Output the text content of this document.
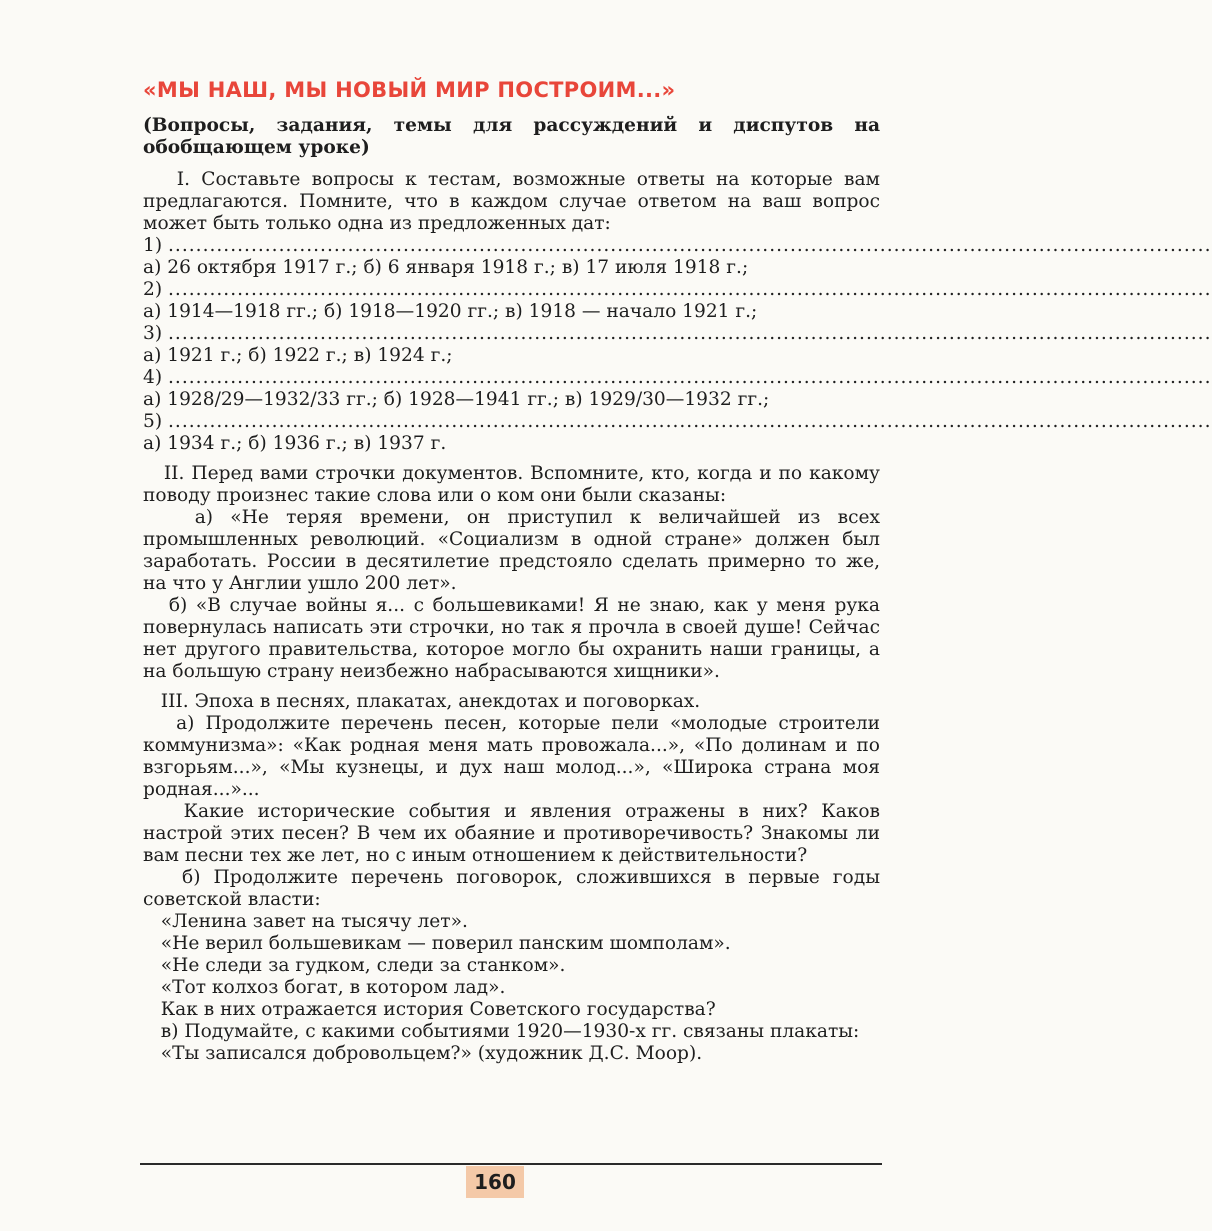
«МЫ НАШ, МЫ НОВЫЙ МИР ПОСТРОИМ...»

(Вопросы, задания, темы для рассуждений и диспутов на обобщающем уроке)

I. Составьте вопросы к тестам, возможные ответы на которые вам предлагаются. Помните, что в каждом случае ответом на ваш вопрос может быть только одна из предложенных дат:

1)
.......................................................................................................................................................
а) 26 октября 1917 г.; б) 6 января 1918 г.; в) 17 июля 1918 г.;
2)
.......................................................................................................................................................
а) 1914—1918 гг.; б) 1918—1920 гг.; в) 1918 — начало 1921 г.;
3)
.......................................................................................................................................................
а) 1921 г.; б) 1922 г.; в) 1924 г.;
4)
.......................................................................................................................................................
а) 1928/29—1932/33 гг.; б) 1928—1941 гг.; в) 1929/30—1932 гг.;
5)
.......................................................................................................................................................
а) 1934 г.; б) 1936 г.; в) 1937 г.

II. Перед вами строчки документов. Вспомните, кто, когда и по какому поводу произнес такие слова или о ком они были сказаны:

а) «Не теряя времени, он приступил к величайшей из всех промышленных революций. «Социализм в одной стране» должен был заработать. России в десятилетие предстояло сделать примерно то же, на что у Англии ушло 200 лет».

б) «В случае войны я... с большевиками! Я не знаю, как у меня рука повернулась написать эти строчки, но так я прочла в своей душе! Сейчас нет другого правительства, которое могло бы охранить наши границы, а на большую страну неизбежно набрасываются хищники».

III. Эпоха в песнях, плакатах, анекдотах и поговорках.

а) Продолжите перечень песен, которые пели «молодые строители коммунизма»: «Как родная меня мать провожала...», «По долинам и по взгорьям...», «Мы кузнецы, и дух наш молод...», «Широка страна моя родная...»...

Какие исторические события и явления отражены в них? Каков настрой этих песен? В чем их обаяние и противоречивость? Знакомы ли вам песни тех же лет, но с иным отношением к действительности?

б) Продолжите перечень поговорок, сложившихся в первые годы советской власти:

«Ленина завет на тысячу лет».

«Не верил большевикам — поверил панским шомполам».

«Не следи за гудком, следи за станком».

«Тот колхоз богат, в котором лад».

Как в них отражается история Советского государства?

в) Подумайте, с какими событиями 1920—1930-х гг. связаны плакаты:

«Ты записался добровольцем?» (художник Д.С. Моор).

160
